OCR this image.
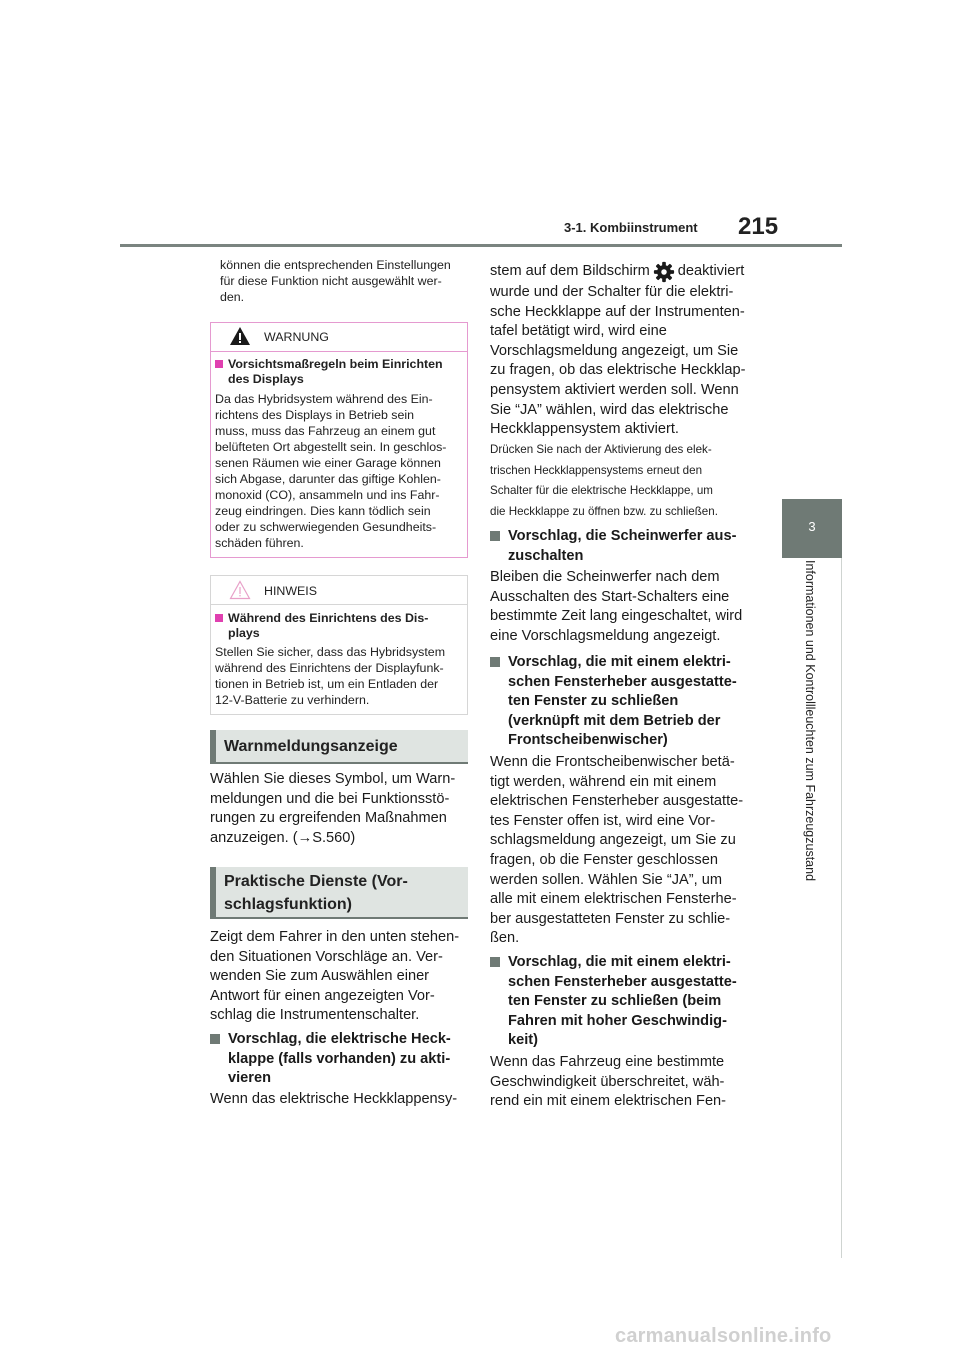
3-1. Kombiinstrument 215
3
Informationen und Kontrollleuchten zum Fahrzeugzustand
können die entsprechenden Einstellungen
für diese Funktion nicht ausgewählt wer-
den.
WARNUNG
Vorsichtsmaßregeln beim Einrichten
des Displays
Da das Hybridsystem während des Ein-
richtens des Displays in Betrieb sein
muss, muss das Fahrzeug an einem gut
belüfteten Ort abgestellt sein. In geschlos-
senen Räumen wie einer Garage können
sich Abgase, darunter das giftige Kohlen-
monoxid (CO), ansammeln und ins Fahr-
zeug eindringen. Dies kann tödlich sein
oder zu schwerwiegenden Gesundheits-
schäden führen.
HINWEIS
Während des Einrichtens des Dis-
plays
Stellen Sie sicher, dass das Hybridsystem
während des Einrichtens der Displayfunk-
tionen in Betrieb ist, um ein Entladen der
12-V-Batterie zu verhindern.
Warnmeldungsanzeige
Wählen Sie dieses Symbol, um Warn-
meldungen und die bei Funktionsstö-
rungen zu ergreifenden Maßnahmen
anzuzeigen. (→S.560)
Praktische Dienste (Vor-
schlagsfunktion)
Zeigt dem Fahrer in den unten stehen-
den Situationen Vorschläge an. Ver-
wenden Sie zum Auswählen einer
Antwort für einen angezeigten Vor-
schlag die Instrumentenschalter.
Vorschlag, die elektrische Heck-
klappe (falls vorhanden) zu akti-
vieren
Wenn das elektrische Heckklappensy-
stem auf dem Bildschirm deaktiviert
wurde und der Schalter für die elektri-
sche Heckklappe auf der Instrumenten-
tafel betätigt wird, wird eine
Vorschlagsmeldung angezeigt, um Sie
zu fragen, ob das elektrische Heckklap-
pensystem aktiviert werden soll. Wenn
Sie “JA” wählen, wird das elektrische
Heckklappensystem aktiviert.
Drücken Sie nach der Aktivierung des elek-
trischen Heckklappensystems erneut den
Schalter für die elektrische Heckklappe, um
die Heckklappe zu öffnen bzw. zu schließen.
Vorschlag, die Scheinwerfer aus-
zuschalten
Bleiben die Scheinwerfer nach dem
Ausschalten des Start-Schalters eine
bestimmte Zeit lang eingeschaltet, wird
eine Vorschlagsmeldung angezeigt.
Vorschlag, die mit einem elektri-
schen Fensterheber ausgestatte-
ten Fenster zu schließen
(verknüpft mit dem Betrieb der
Frontscheibenwischer)
Wenn die Frontscheibenwischer betä-
tigt werden, während ein mit einem
elektrischen Fensterheber ausgestatte-
tes Fenster offen ist, wird eine Vor-
schlagsmeldung angezeigt, um Sie zu
fragen, ob die Fenster geschlossen
werden sollen. Wählen Sie “JA”, um
alle mit einem elektrischen Fensterhe-
ber ausgestatteten Fenster zu schlie-
ßen.
Vorschlag, die mit einem elektri-
schen Fensterheber ausgestatte-
ten Fenster zu schließen (beim
Fahren mit hoher Geschwindig-
keit)
Wenn das Fahrzeug eine bestimmte
Geschwindigkeit überschreitet, wäh-
rend ein mit einem elektrischen Fen-
carmanualsonline.info
